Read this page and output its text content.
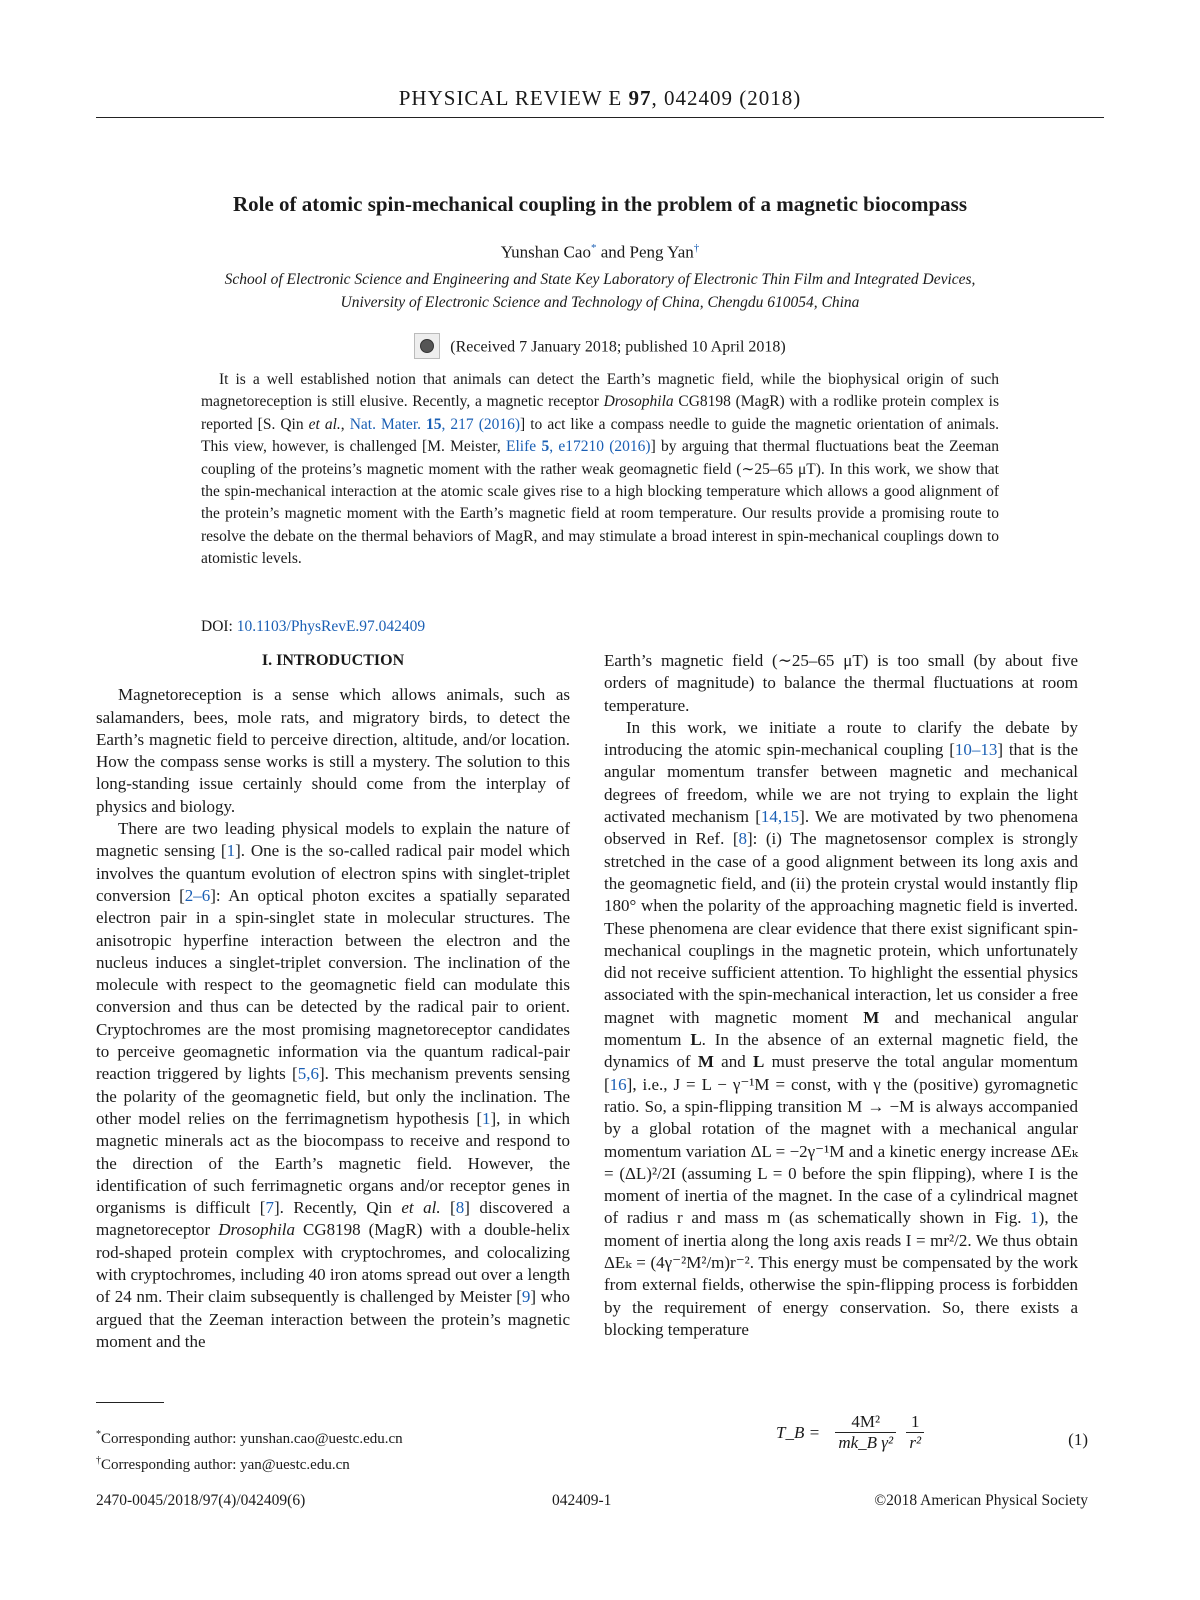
PHYSICAL REVIEW E 97, 042409 (2018)
Role of atomic spin-mechanical coupling in the problem of a magnetic biocompass
Yunshan Cao* and Peng Yan†
School of Electronic Science and Engineering and State Key Laboratory of Electronic Thin Film and Integrated Devices,
University of Electronic Science and Technology of China, Chengdu 610054, China
(Received 7 January 2018; published 10 April 2018)

It is a well established notion that animals can detect the Earth’s magnetic field, while the biophysical origin of such magnetoreception is still elusive. Recently, a magnetic receptor Drosophila CG8198 (MagR) with a rodlike protein complex is reported [S. Qin et al., Nat. Mater. 15, 217 (2016)] to act like a compass needle to guide the magnetic orientation of animals. This view, however, is challenged [M. Meister, Elife 5, e17210 (2016)] by arguing that thermal fluctuations beat the Zeeman coupling of the proteins’s magnetic moment with the rather weak geomagnetic field (∼25–65 μT). In this work, we show that the spin-mechanical interaction at the atomic scale gives rise to a high blocking temperature which allows a good alignment of the protein’s magnetic moment with the Earth’s magnetic field at room temperature. Our results provide a promising route to resolve the debate on the thermal behaviors of MagR, and may stimulate a broad interest in spin-mechanical couplings down to atomistic levels.

DOI: 10.1103/PhysRevE.97.042409
I. INTRODUCTION

Magnetoreception is a sense which allows animals, such as salamanders, bees, mole rats, and migratory birds, to detect the Earth’s magnetic field to perceive direction, altitude, and/or location. How the compass sense works is still a mystery. The solution to this long-standing issue certainly should come from the interplay of physics and biology.

There are two leading physical models to explain the nature of magnetic sensing [1]. One is the so-called radical pair model which involves the quantum evolution of electron spins with singlet-triplet conversion [2–6]: An optical photon excites a spatially separated electron pair in a spin-singlet state in molecular structures. The anisotropic hyperfine interaction between the electron and the nucleus induces a singlet-triplet conversion. The inclination of the molecule with respect to the geomagnetic field can modulate this conversion and thus can be detected by the radical pair to orient. Cryptochromes are the most promising magnetoreceptor candidates to perceive geomagnetic information via the quantum radical-pair reaction triggered by lights [5,6]. This mechanism prevents sensing the polarity of the geomagnetic field, but only the inclination. The other model relies on the ferrimagnetism hypothesis [1], in which magnetic minerals act as the biocompass to receive and respond to the direction of the Earth’s magnetic field. However, the identification of such ferrimagnetic organs and/or receptor genes in organisms is difficult [7]. Recently, Qin et al. [8] discovered a magnetoreceptor Drosophila CG8198 (MagR) with a double-helix rod-shaped protein complex with cryptochromes, and colocalizing with cryptochromes, including 40 iron atoms spread out over a length of 24 nm. Their claim subsequently is challenged by Meister [9] who argued that the Zeeman interaction between the protein’s magnetic moment and the

Earth’s magnetic field (∼25–65 μT) is too small (by about five orders of magnitude) to balance the thermal fluctuations at room temperature.

In this work, we initiate a route to clarify the debate by introducing the atomic spin-mechanical coupling [10–13] that is the angular momentum transfer between magnetic and mechanical degrees of freedom, while we are not trying to explain the light activated mechanism [14,15]. We are motivated by two phenomena observed in Ref. [8]: (i) The magnetosensor complex is strongly stretched in the case of a good alignment between its long axis and the geomagnetic field, and (ii) the protein crystal would instantly flip 180° when the polarity of the approaching magnetic field is inverted. These phenomena are clear evidence that there exist significant spin-mechanical couplings in the magnetic protein, which unfortunately did not receive sufficient attention. To highlight the essential physics associated with the spin-mechanical interaction, let us consider a free magnet with magnetic moment M and mechanical angular momentum L. In the absence of an external magnetic field, the dynamics of M and L must preserve the total angular momentum [16], i.e., J = L − γ⁻¹M = const, with γ the (positive) gyromagnetic ratio. So, a spin-flipping transition M → −M is always accompanied by a global rotation of the magnet with a mechanical angular momentum variation ΔL = −2γ⁻¹M and a kinetic energy increase ΔEₖ = (ΔL)²/2I (assuming L = 0 before the spin flipping), where I is the moment of inertia of the magnet. In the case of a cylindrical magnet of radius r and mass m (as schematically shown in Fig. 1), the moment of inertia along the long axis reads I = mr²/2. We thus obtain ΔEₖ = (4γ⁻²M²/m)r⁻². This energy must be compensated by the work from external fields, otherwise the spin-flipping process is forbidden by the requirement of energy conservation. So, there exists a blocking temperature

*Corresponding author: yunshan.cao@uestc.edu.cn
†Corresponding author: yan@uestc.edu.cn
T_B = $\frac{\text{4M²}}{\text{mk\_B γ²}}$
$\frac{1}{\text{r²}}$	(1)
2470-0045/2018/97(4)/042409(6)	042409-1	©2018 American Physical Society
